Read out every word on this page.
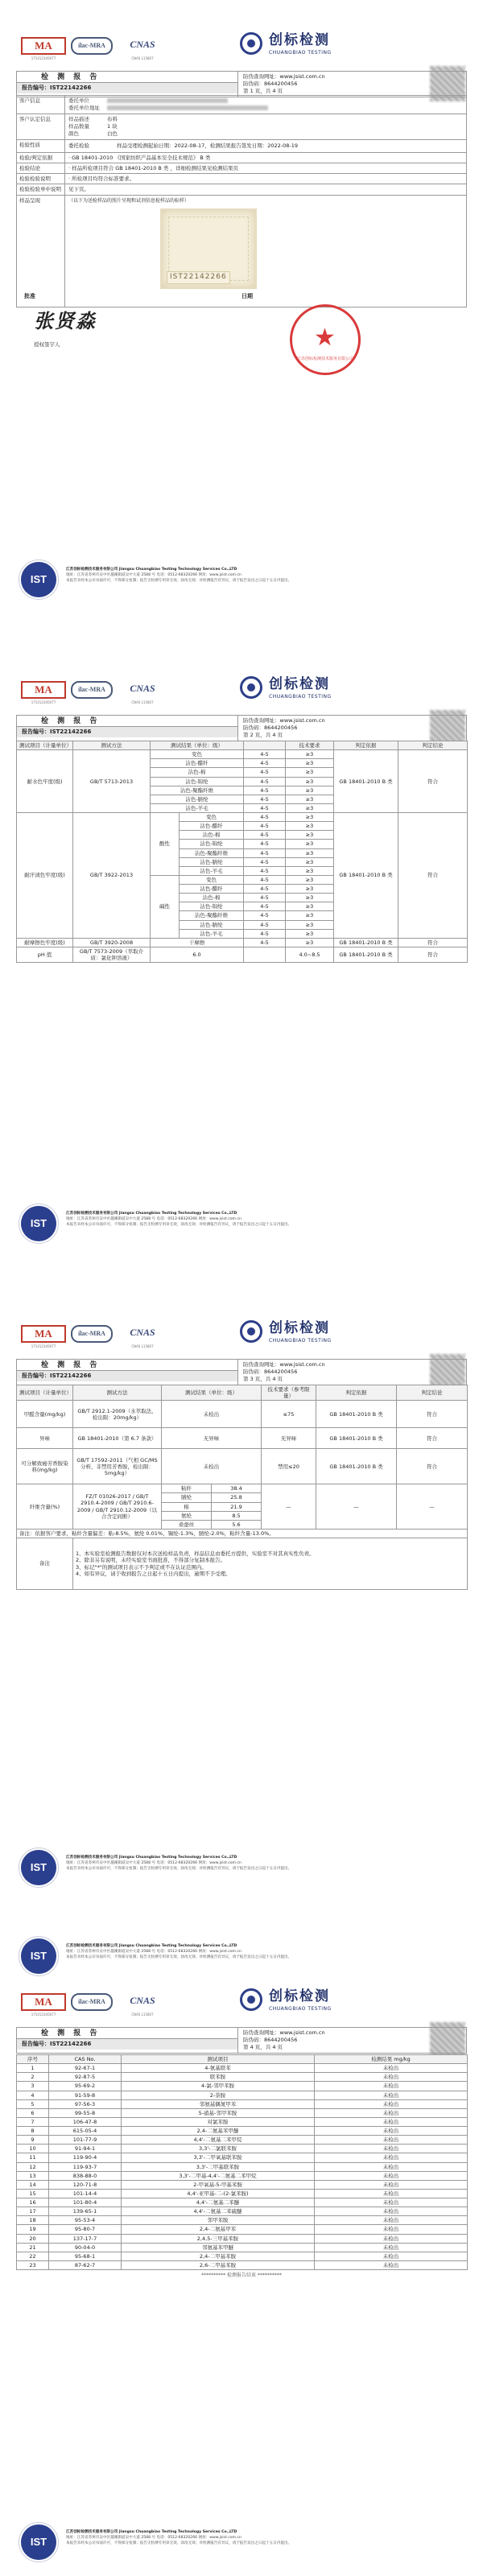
MA
171012345677
ilac-MRA	CNAS
CNAS L15807
创标检测
CHUANGBIAO TESTING
检 测 报 告
报告编号：IST22142266
防伪查询网址：www.jsist.com.cn
防伪码：8644200456
第 1 页，共 4 页
客户信息	委托单位
委托单位地址
客户认定信息	样品描述	布料
样品数量	1 块
颜色	白色
检验性质	委托检验	样品受理检测起始日期：2022-08-17，检测结果报告签发日期：2022-08-19
检验/判定依据	· GB 18401-2010 《国家纺织产品基本安全技术规范》 B 类
检验结论	· 样品所检项目符合 GB 18401-2010 B 类 ，详细检测结果见检测结果页
检验检验说明	· 所检项目均符合标准要求。
检验检验单中说明	见下页。
样品呈现	（以下为送检样品的照片呈现和试剂信息检样品的标样）
IST22142266
批准
张贤淼
授权签字人
日期
★
江苏创标检测技术服务有限公司
IST
江苏创标检测技术服务有限公司 Jiangsu Chuangbiao Testing Technology Services Co.,LTD
地址：江苏省苏州市吴中区越溪街道吴中大道 2588 号 电话：0512-68320266 网址：www.jsist.com.cn
本报告未经本公司书面许可，不得部分复制；报告无检测专用章无效，涂改无效；对检测报告有异议，请于报告发出之日起十五日内提出。
MA
171012345677
ilac-MRA	CNAS
CNAS L15807
创标检测
CHUANGBIAO TESTING
检 测 报 告
报告编号：IST22142266
防伪查询网址：www.jsist.com.cn
防伪码：8644200456
第 2 页，共 4 页
测试项目（计量单位）	测试方法	测试结果（单位：级）			技术要求	判定依据	判定结论
耐水色牢度(级)	GB/T 5713-2013	变色		4-5	≥3	GB 18401-2010 B 类	符合
		沾色-醋纤		4-5	≥3		
		沾色-棉		4-5	≥3		
		沾色-锦纶		4-5	≥3		
		沾色-聚酯纤维		4-5	≥3		
		沾色-腈纶		4-5	≥3		
		沾色-羊毛		4-5	≥3		
耐汗渍色牢度(级)	GB/T 3922-2013	酸性	变色	4-5	≥3	GB 18401-2010 B 类	符合
			沾色-醋纤	4-5	≥3		
			沾色-棉	4-5	≥3		
			沾色-锦纶	4-5	≥3		
			沾色-聚酯纤维	4-5	≥3		
			沾色-腈纶	4-5	≥3		
			沾色-羊毛	4-5	≥3		
		碱性	变色	4-5	≥3		
			沾色-醋纤	4-5	≥3		
			沾色-棉	4-5	≥3		
			沾色-锦纶	4-5	≥3		
			沾色-聚酯纤维	4-5	≥3		
			沾色-腈纶	4-5	≥3		
			沾色-羊毛	4-5	≥3		
耐摩擦色牢度(级)	GB/T 3920-2008	干摩擦		4-5	≥3	GB 18401-2010 B 类	符合
pH 值	GB/T 7573-2009（萃取介质：氯化钾溶液）	6.0			4.0~8.5	GB 18401-2010 B 类	符合
IST
江苏创标检测技术服务有限公司 Jiangsu Chuangbiao Testing Technology Services Co.,LTD
地址：江苏省苏州市吴中区越溪街道吴中大道 2588 号 电话：0512-68320266 网址：www.jsist.com.cn
本报告未经本公司书面许可，不得部分复制；报告无检测专用章无效，涂改无效；对检测报告有异议，请于报告发出之日起十五日内提出。
MA
171012345677
ilac-MRA	CNAS
CNAS L15807
创标检测
CHUANGBIAO TESTING
检 测 报 告
报告编号：IST22142266
防伪查询网址：www.jsist.com.cn
防伪码：8644200456
第 3 页，共 4 页
测试项目（计量单位）	测试方法	测试结果（单位：级）		技术要求（参考限量）	判定依据	判定结论
甲醛含量(mg/kg)	GB/T 2912.1-2009（水萃取法，检出限：20mg/kg）	未检出		≤75	GB 18401-2010 B 类	符合
异味	GB 18401-2010（第 6.7 条款）	无异味		无异味	GB 18401-2010 B 类	符合
可分解致癌芳香胺染料(mg/kg)	GB/T 17592-2011（气相 GC/MS 分析，非禁用芳香胺，检出限：5mg/kg）	未检出		禁用≤20	GB 18401-2010 B 类	符合
纤维含量(%)	FZ/T 01026-2017 / GB/T 2910.4-2009 / GB/T 2910.6-2009 / GB/T 2910.12-2009（以合含定间断）	粘纤	38.4	—	—	—
		腈纶	25.8			
		棉	21.9			
		氨纶	8.5			
		桑蚕丝	5.6			
备注：依据客户要求，粘纤含量偏差：粘-8.5%，氨纶 0.01%，锡纶-1.3%，腈纶-2.0%，粘纤含量-13.0%。						
备注	1、本实验室检测报告数据仅对本次送检样品负责，样品信息由委托方提供，实验室不对其真实性负责。
2、除非另有说明，未经实验室书面批准，不得部分复制本报告。
3、标记"*"的测试项目表示不予判定或不在认证范围内。
4、如有异议，请于收到报告之日起十五日内提出，逾期不予受理。					
IST
江苏创标检测技术服务有限公司 Jiangsu Chuangbiao Testing Technology Services Co.,LTD
地址：江苏省苏州市吴中区越溪街道吴中大道 2588 号 电话：0512-68320266 网址：www.jsist.com.cn
本报告未经本公司书面许可，不得部分复制；报告无检测专用章无效，涂改无效；对检测报告有异议，请于报告发出之日起十五日内提出。
IST
江苏创标检测技术服务有限公司 Jiangsu Chuangbiao Testing Technology Services Co.,LTD
地址：江苏省苏州市吴中区越溪街道吴中大道 2588 号 电话：0512-68320266 网址：www.jsist.com.cn
本报告未经本公司书面许可，不得部分复制；报告无检测专用章无效，涂改无效；对检测报告有异议，请于报告发出之日起十五日内提出。
MA
171012345677
ilac-MRA	CNAS
CNAS L15807
创标检测
CHUANGBIAO TESTING
检 测 报 告
报告编号：IST22142266
防伪查询网址：www.jsist.com.cn
防伪码：8644200456
第 4 页，共 4 页
序号	CAS No.	测试项目	检测结果 mg/kg
1	92-67-1	4-氨基联苯	未检出
2	92-87-5	联苯胺	未检出
3	95-69-2	4-氯-邻甲苯胺	未检出
4	91-59-8	2-萘胺	未检出
5	97-56-3	邻氨基偶氮甲苯	未检出
6	99-55-8	5-硝基-邻甲苯胺	未检出
7	106-47-8	对氯苯胺	未检出
8	615-05-4	2,4-二氨基苯甲醚	未检出
9	101-77-9	4,4'-二氨基二苯甲烷	未检出
10	91-94-1	3,3'-二氯联苯胺	未检出
11	119-90-4	3,3'-二甲氧基联苯胺	未检出
12	119-93-7	3,3'-二甲基联苯胺	未检出
13	838-88-0	3,3'-二甲基-4,4'-二氨基二苯甲烷	未检出
14	120-71-8	2-甲氧基-5-甲基苯胺	未检出
15	101-14-4	4,4'-亚甲基-二-(2-氯苯胺)	未检出
16	101-80-4	4,4'-二氨基二苯醚	未检出
17	139-65-1	4,4'-二氨基二苯硫醚	未检出
18	95-53-4	邻甲苯胺	未检出
19	95-80-7	2,4-二氨基甲苯	未检出
20	137-17-7	2,4,5-三甲基苯胺	未检出
21	90-04-0	邻氨基苯甲醚	未检出
22	95-68-1	2,4-二甲基苯胺	未检出
23	87-62-7	2,6-二甲基苯胺	未检出
********** 检测报告结束 **********
IST
江苏创标检测技术服务有限公司 Jiangsu Chuangbiao Testing Technology Services Co.,LTD
地址：江苏省苏州市吴中区越溪街道吴中大道 2588 号 电话：0512-68320266 网址：www.jsist.com.cn
本报告未经本公司书面许可，不得部分复制；报告无检测专用章无效，涂改无效；对检测报告有异议，请于报告发出之日起十五日内提出。
